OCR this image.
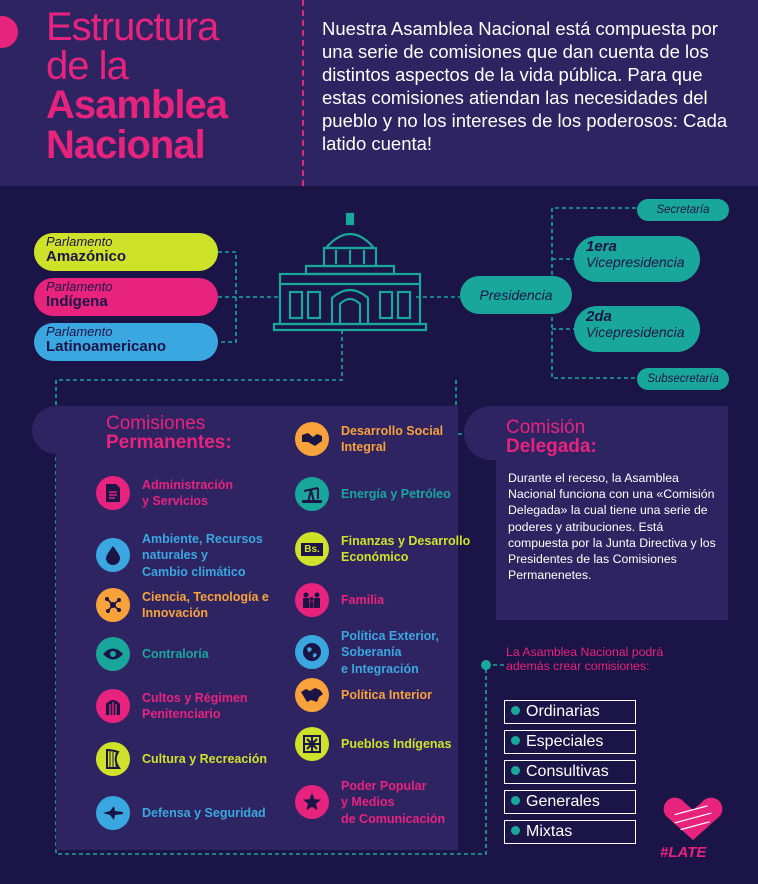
Estructura
de la
Asamblea
Nacional
Nuestra Asamblea Nacional está compuesta por una serie de comisiones que dan cuenta de los distintos aspectos de la vida pública. Para que estas comisiones atiendan las necesidades del pueblo y no los intereses de los poderosos: Cada latido cuenta!
Parlamento
Amazónico
Parlamento
Indígena
Parlamento
Latinoamericano
Secretaría
1era
Vicepresidencia
Presidencia
2da
Vicepresidencia
Subsecretaría
Comisiones
Permanentes:
Administración
y Servicios
Ambiente, Recursos
naturales y
Cambio climático
Ciencia, Tecnología e
Innovación
Contraloría
Cultos y Régimen
Penitenciario
Cultura y Recreación
Defensa y Seguridad
Desarrollo Social
Integral
Energía y Petróleo
Bs.
Finanzas y Desarrollo
Económico
Familia
Política Exterior,
Soberanía
e Integración
Política Interior
Pueblos Indígenas
Poder Popular
y Medios
de Comunicación
Comisión
Delegada:
Durante el receso, la Asamblea Nacional funciona con una «Comisión Delegada» la cual tiene una serie de poderes y atribuciones. Está compuesta por la Junta Directiva y los Presidentes de las Comisiones Permanenetes.
La Asamblea Nacional podrá además crear comisiones:
Ordinarias
Especiales
Consultivas
Generales
Mixtas
#LATE
